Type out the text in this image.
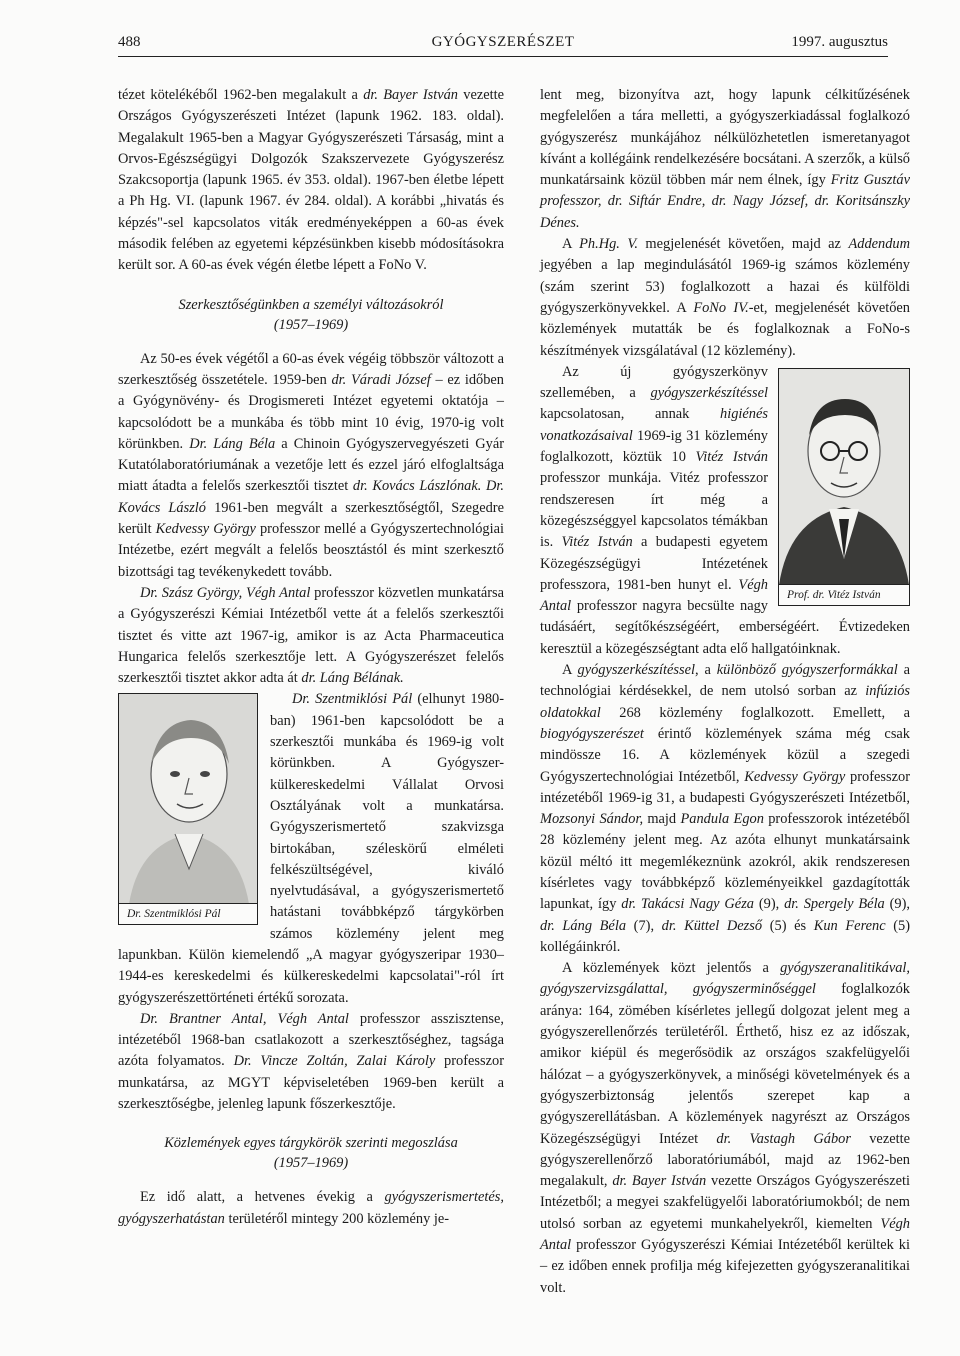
488	GYÓGYSZERÉSZET	1997. augusztus

tézet kötelékéből 1962-ben megalakult a dr. Bayer István vezette Országos Gyógyszerészeti Intézet (lapunk 1962. 183. oldal). Megalakult 1965-ben a Magyar Gyógyszerészeti Társaság, mint a Orvos-Egészségügyi Dolgozók Szakszervezete Gyógyszerész Szakcsoportja (lapunk 1965. év 353. oldal). 1967-ben életbe lépett a Ph Hg. VI. (lapunk 1967. év 284. oldal). A korábbi „hivatás és képzés"-sel kapcsolatos viták eredményeképpen a 60-as évek második felében az egyetemi képzésünkben kisebb módosításokra került sor. A 60-as évek végén életbe lépett a FoNo V.

Szerkesztőségünkben a személyi változásokról
(1957–1969)

Az 50-es évek végétől a 60-as évek végéig többször változott a szerkesztőség összetétele. 1959-ben dr. Váradi József – ez időben a Gyógynövény- és Drogismereti Intézet egyetemi oktatója – kapcsolódott be a munkába és több mint 10 évig, 1970-ig volt körünkben. Dr. Láng Béla a Chinoin Gyógyszervegyészeti Gyár Kutatólaboratóriumának a vezetője lett és ezzel járó elfoglaltsága miatt átadta a felelős szerkesztői tisztet dr. Kovács Lászlónak. Dr. Kovács László 1961-ben megvált a szerkesztőségtől, Szegedre került Kedvessy György professzor mellé a Gyógyszertechnológiai Intézetbe, ezért megvált a felelős beosztástól és mint szerkesztő bizottsági tag tevékenykedett tovább.

Dr. Szász György, Végh Antal professzor közvetlen munkatársa a Gyógyszerészi Kémiai Intézetből vette át a felelős szerkesztői tisztet és vitte azt 1967-ig, amikor is az Acta Pharmaceutica Hungarica felelős szerkesztője lett. A Gyógyszerészet felelős szerkesztői tisztet akkor adta át dr. Láng Bélának.

Dr. Szentmiklósi Pál

Dr. Szentmiklósi Pál (elhunyt 1980-ban) 1961-ben kapcsolódott be a szerkesztői munkába és 1969-ig volt körünkben. A Gyógyszer-külkereskedelmi Vállalat Orvosi Osztályának volt a munkatársa. Gyógyszerismertető szakvizsga birtokában, széleskörű elméleti felkészültségével, kiváló nyelvtudásával, a gyógyszerismertető hatástani továbbképző tárgykörben számos közlemény jelent meg lapunkban. Külön kiemelendő „A magyar gyógyszeripar 1930–1944-es kereskedelmi és külkereskedelmi kapcsolatai"-ról írt gyógyszerészettörténeti értékű sorozata.

Dr. Brantner Antal, Végh Antal professzor asszisztense, intézetéből 1968-ban csatlakozott a szerkesztőséghez, tagsága azóta folyamatos. Dr. Vincze Zoltán, Zalai Károly professzor munkatársa, az MGYT képviseletében 1969-ben került a szerkesztőségbe, jelenleg lapunk főszerkesztője.

Közlemények egyes tárgykörök szerinti megoszlása
(1957–1969)

Ez idő alatt, a hetvenes évekig a gyógyszerismertetés, gyógyszerhatástan területéről mintegy 200 közlemény je-

lent meg, bizonyítva azt, hogy lapunk célkitűzésének megfelelően a tára melletti, a gyógyszerkiadással foglalkozó gyógyszerész munkájához nélkülözhetetlen ismeretanyagot kívánt a kollégáink rendelkezésére bocsátani. A szerzők, a külső munkatársaink közül többen már nem élnek, így Fritz Gusztáv professzor, dr. Siftár Endre, dr. Nagy József, dr. Koritsánszky Dénes.

A Ph.Hg. V. megjelenését követően, majd az Addendum jegyében a lap megindulásától 1969-ig számos közlemény (szám szerint 53) foglalkozott a hazai és külföldi gyógyszerkönyvekkel. A FoNo IV.-et, megjelenését követően közlemények mutatták be és foglalkoznak a FoNo-s készítmények vizsgálatával (12 közlemény).

Prof. dr. Vitéz István

Az új gyógyszerkönyv szellemében, a gyógyszerkészítéssel kapcsolatosan, annak higiénés vonatkozásaival 1969-ig 31 közlemény foglalkozott, köztük 10 Vitéz István professzor munkája. Vitéz professzor rendszeresen írt még a közegészséggyel kapcsolatos témákban is. Vitéz István a budapesti egyetem Közegészségügyi Intézetének professzora, 1981-ben hunyt el. Végh Antal professzor nagyra becsülte nagy tudásáért, segítőkészségéért, emberségéért. Évtizedeken keresztül a közegészségtant adta elő hallgatóinknak.

A gyógyszerkészítéssel, a különböző gyógyszerformákkal a technológiai kérdésekkel, de nem utolsó sorban az infúziós oldatokkal 268 közlemény foglalkozott. Emellett, a biogyógyszerészet érintő közlemények száma még csak mindössze 16. A közlemények közül a szegedi Gyógyszertechnológiai Intézetből, Kedvessy György professzor intézetéből 1969-ig 31, a budapesti Gyógyszerészeti Intézetből, Mozsonyi Sándor, majd Pandula Egon professzorok intézetéből 28 közlemény jelent meg. Az azóta elhunyt munkatársaink közül méltó itt megemlékeznünk azokról, akik rendszeresen kísérletes vagy továbbképző közleményeikkel gazdagították lapunkat, így dr. Takácsi Nagy Géza (9), dr. Spergely Béla (9), dr. Láng Béla (7), dr. Küttel Dezső (5) és Kun Ferenc (5) kollégáinkról.

A közlemények közt jelentős a gyógyszeranalitikával, gyógyszervizsgálattal, gyógyszerminőséggel foglalkozók aránya: 164, zömében kísérletes jellegű dolgozat jelent meg a gyógyszerellenőrzés területéről. Érthető, hisz ez az időszak, amikor kiépül és megerősödik az országos szakfelügyelői hálózat – a gyógyszerkönyvek, a minőségi követelmények és a gyógyszerbiztonság jelentős szerepet kap a gyógyszerellátásban. A közlemények nagyrészt az Országos Közegészségügyi Intézet dr. Vastagh Gábor vezette gyógyszerellenőrző laboratóriumából, majd az 1962-ben megalakult, dr. Bayer István vezette Országos Gyógyszerészeti Intézetből; a megyei szakfelügyelői laboratóriumokból; de nem utolsó sorban az egyetemi munkahelyekről, kiemelten Végh Antal professzor Gyógyszerészi Kémiai Intézetéből kerültek ki – ez időben ennek profilja még kifejezetten gyógyszeranalitikai volt.
